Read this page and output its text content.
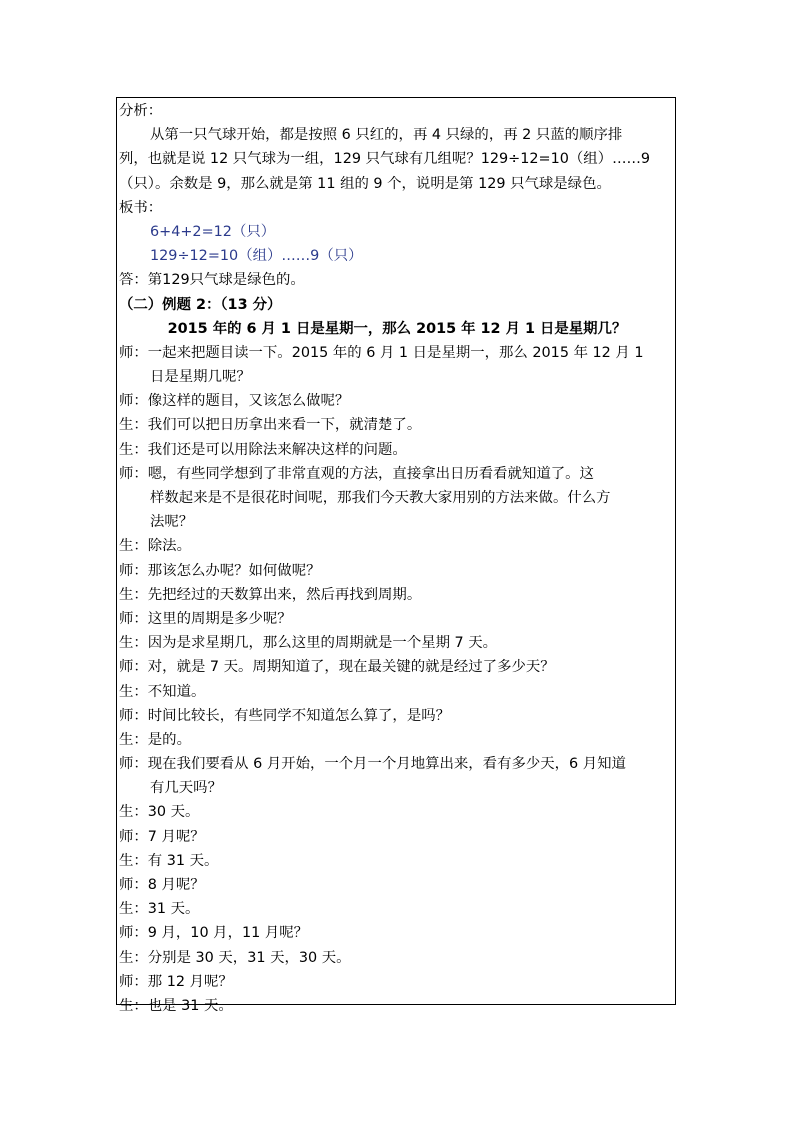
分析：
从第一只气球开始，都是按照 6 只红的，再 4 只绿的，再 2 只蓝的顺序排
列，也就是说 12 只气球为一组，129 只气球有几组呢？129÷12=10（组）……9
（只）。余数是 9，那么就是第 11 组的 9 个，说明是第 129 只气球是绿色。
板书：
6+4+2=12（只）
129÷12=10（组）……9（只）
答：第129只气球是绿色的。
（二）例题 2：（13 分）
2015 年的 6 月 1 日是星期一，那么 2015 年 12 月 1 日是星期几？
师：一起来把题目读一下。2015 年的 6 月 1 日是星期一，那么 2015 年 12 月 1
日是星期几呢？
师：像这样的题目，又该怎么做呢？
生：我们可以把日历拿出来看一下，就清楚了。
生：我们还是可以用除法来解决这样的问题。
师：嗯，有些同学想到了非常直观的方法，直接拿出日历看看就知道了。这
样数起来是不是很花时间呢，那我们今天教大家用别的方法来做。什么方
法呢？
生：除法。
师：那该怎么办呢？如何做呢？
生：先把经过的天数算出来，然后再找到周期。
师：这里的周期是多少呢？
生：因为是求星期几，那么这里的周期就是一个星期 7 天。
师：对，就是 7 天。周期知道了，现在最关键的就是经过了多少天？
生：不知道。
师：时间比较长，有些同学不知道怎么算了，是吗？
生：是的。
师：现在我们要看从 6 月开始，一个月一个月地算出来，看有多少天，6 月知道
有几天吗？
生：30 天。
师：7 月呢？
生：有 31 天。
师：8 月呢？
生：31 天。
师：9 月，10 月，11 月呢？
生：分别是 30 天，31 天，30 天。
师：那 12 月呢？
生：也是 31 天。
